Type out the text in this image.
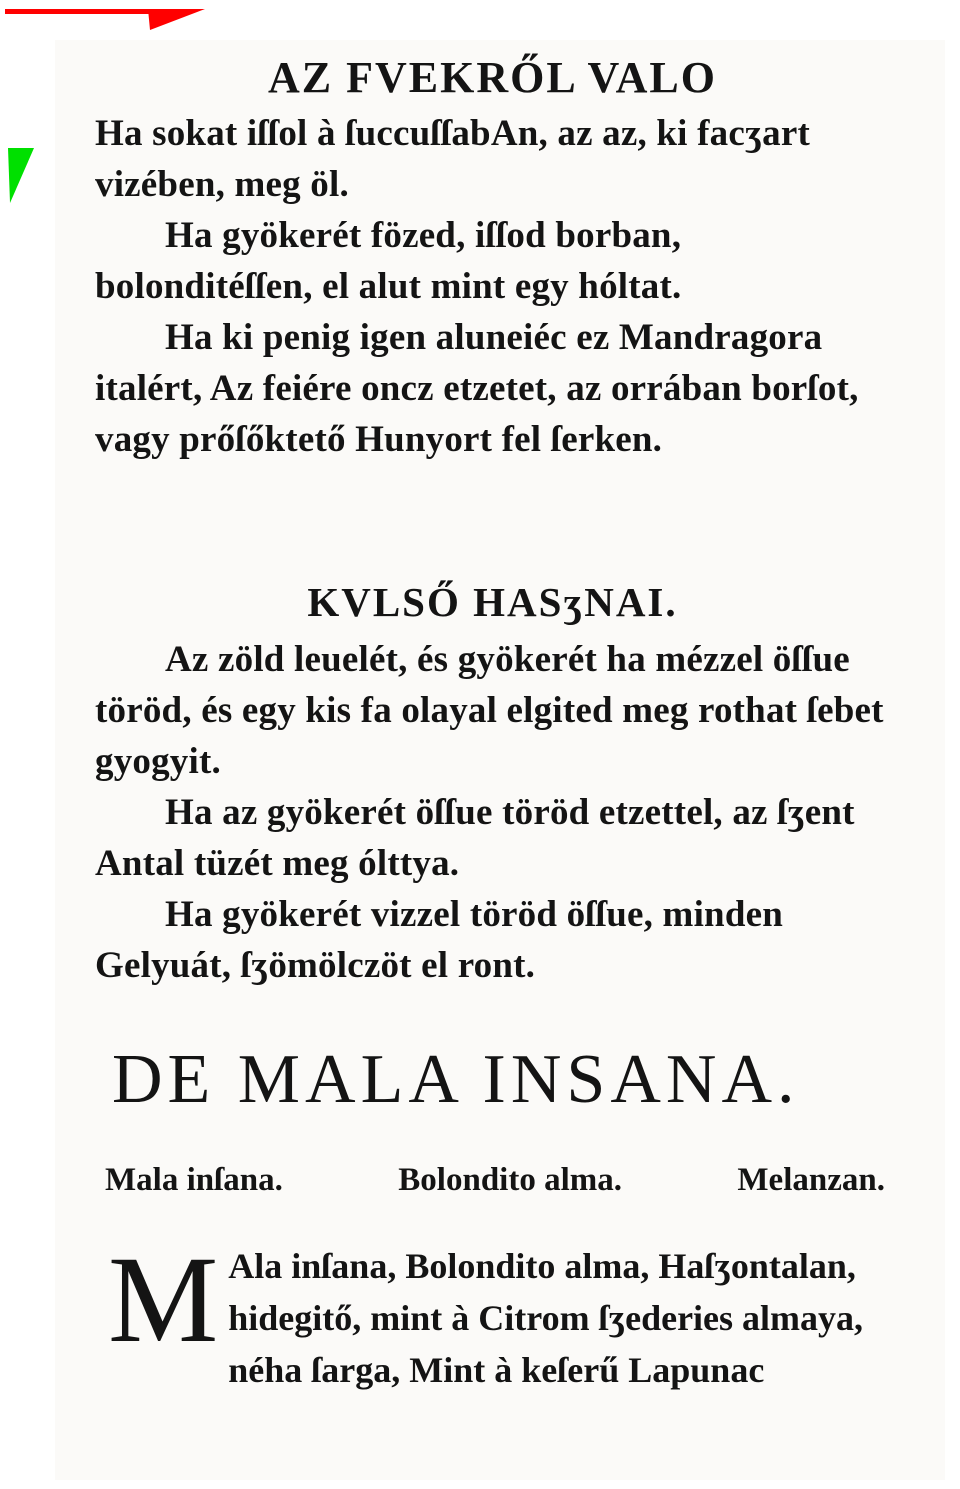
AZ FVEKRŐL VALO

Ha sokat iſſol à ſuccuſſabAn, az az, ki facʒart vizében, meg öl.

Ha gyökerét fözed, iſſod borban, bolonditéſſen, el alut mint egy hóltat.

Ha ki penig igen aluneiéc ez Mandragora italért, Az feiére oncz etzetet, az orrában borſot, vagy prőſőktető Hunyort fel ſerken.

KVLSŐ HASʒNAI.

Az zöld leuelét, és gyökerét ha mézzel öſſue töröd, és egy kis fa olayal elgited meg rothat ſebet gyogyit.

Ha az gyökerét öſſue töröd etzettel, az ſʒent Antal tüzét meg ólttya.

Ha gyökerét vizzel töröd öſſue, minden Gelyuát, ſʒömölczöt el ront.

DE MALA INSANA.
Mala inſana.	Bolondito alma.	Melanzan.
M Ala inſana, Bolondito alma, Haſʒontalan, hidegitő, mint à Citrom ſʒederies almaya, néha ſarga, Mint à keſerű Lapunac
